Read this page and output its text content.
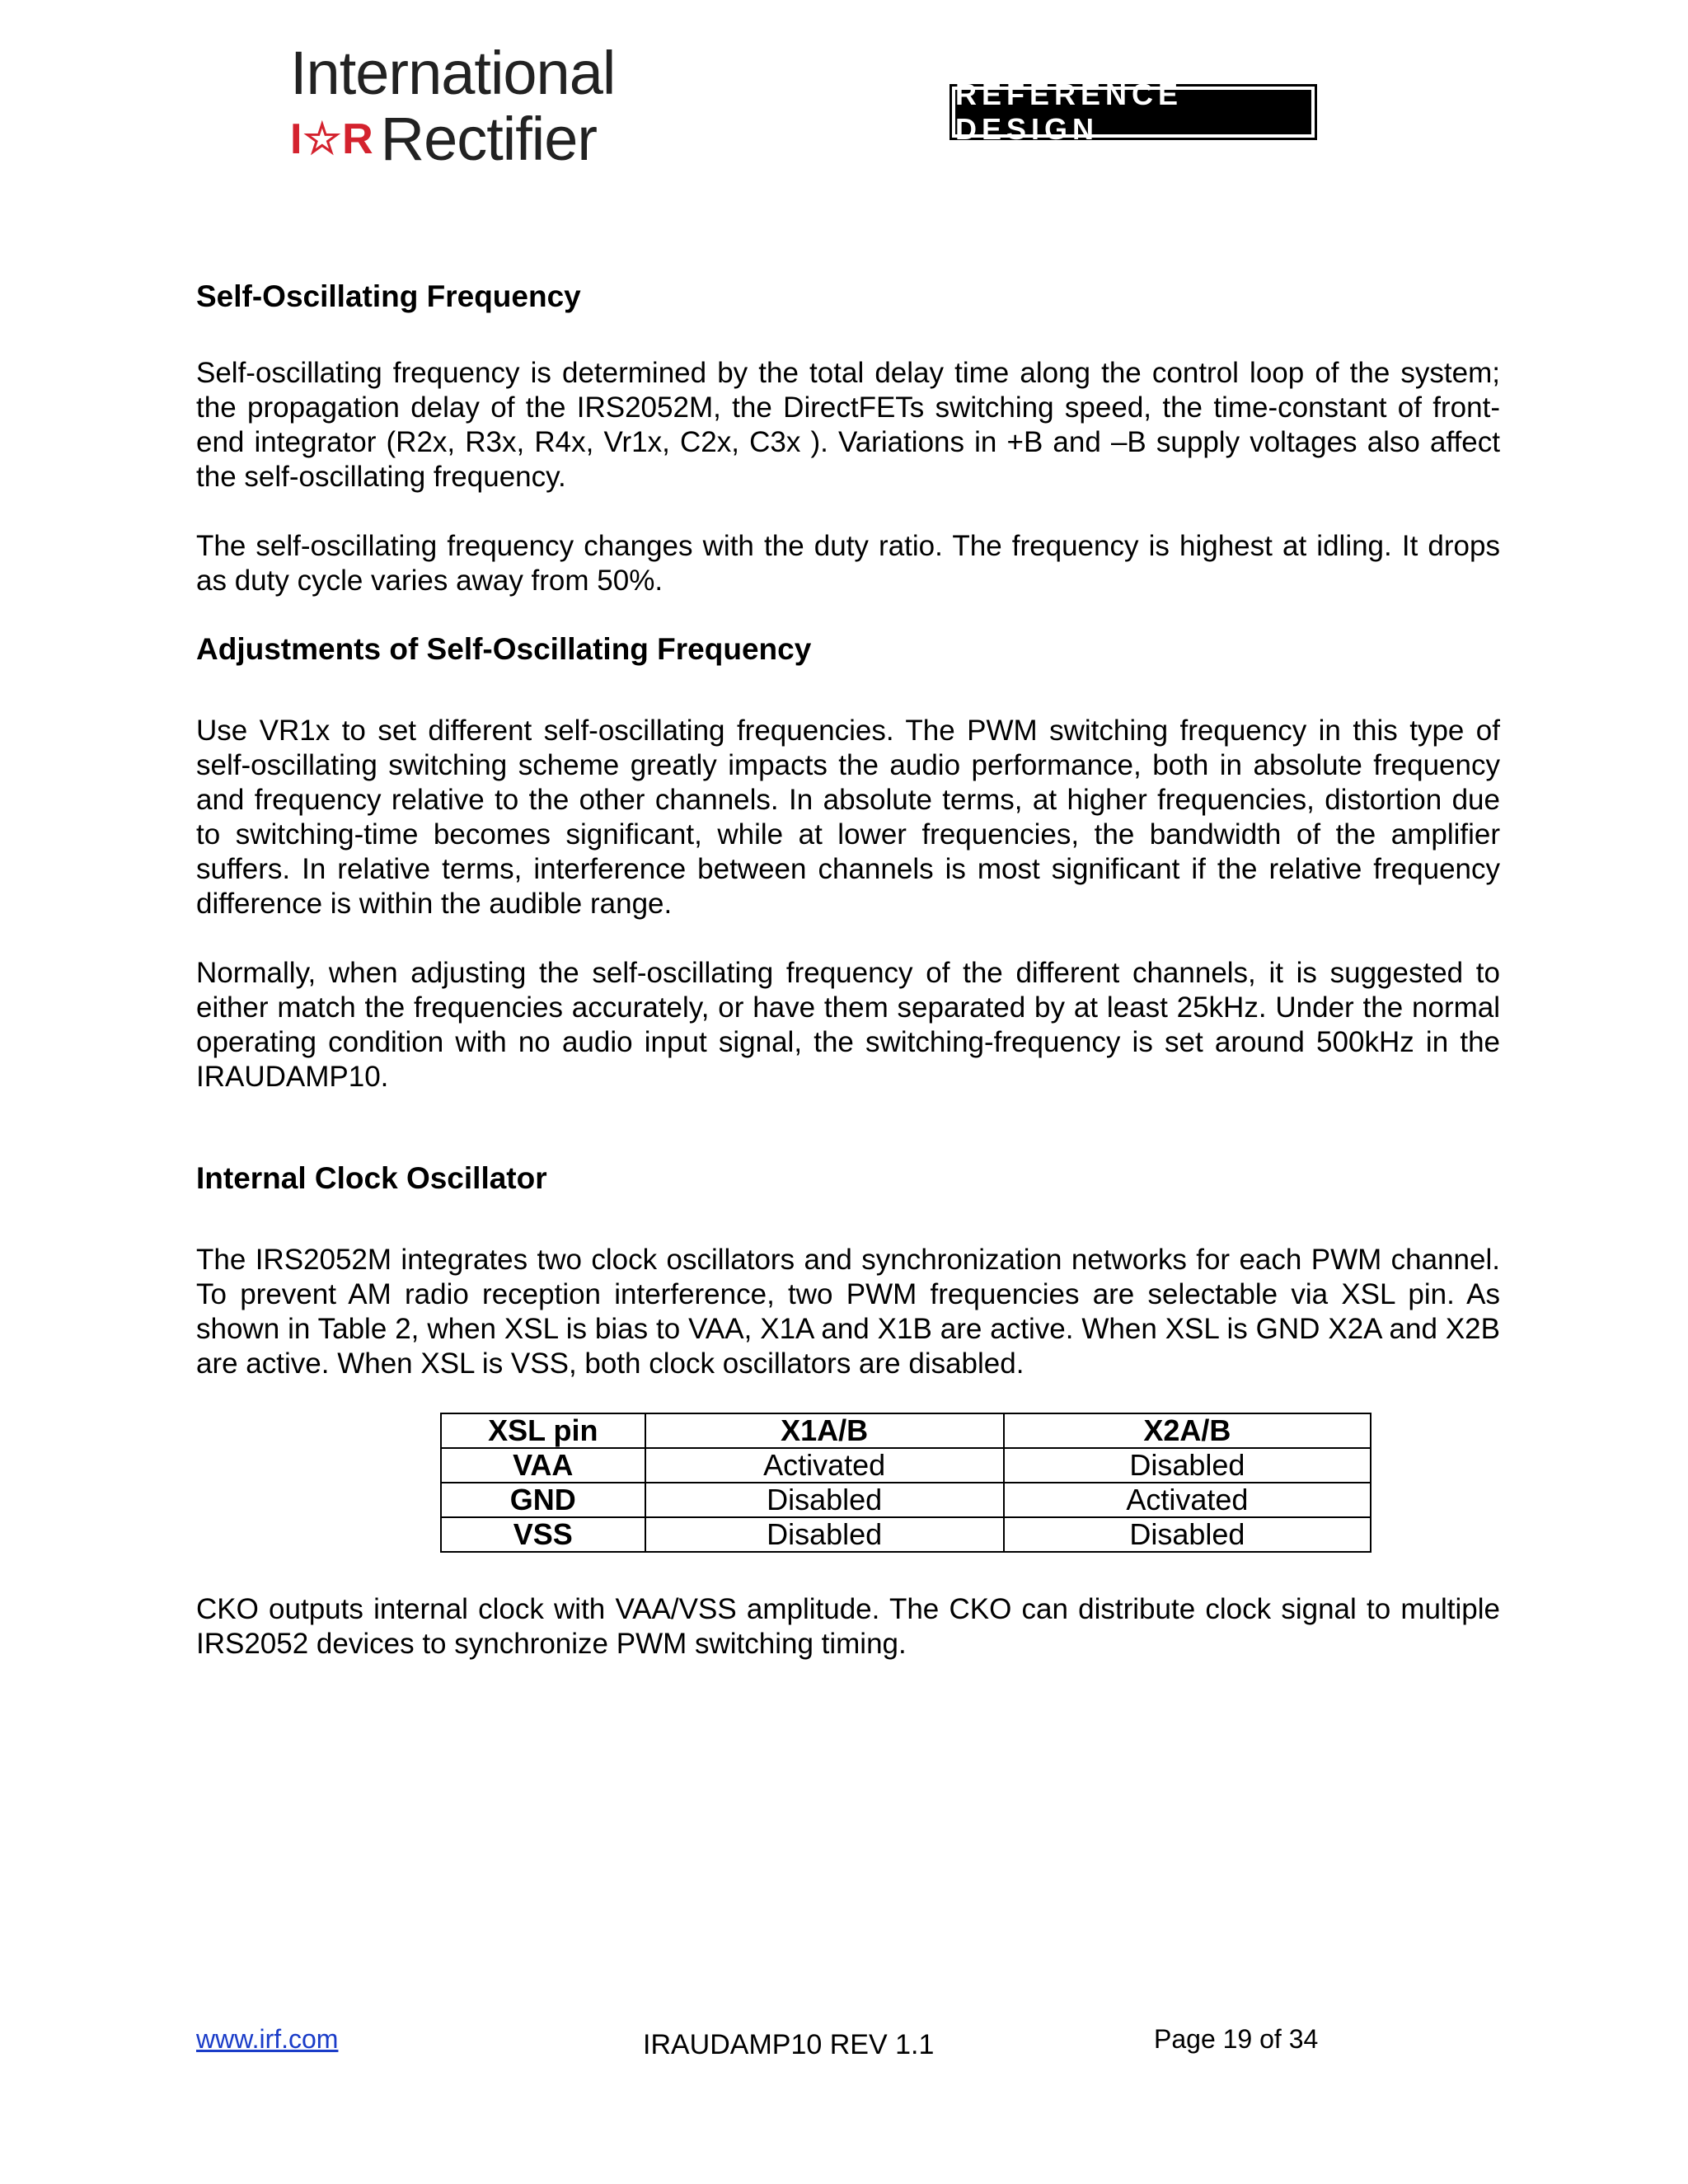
International
I☆R Rectifier
REFERENCE DESIGN
Self-Oscillating Frequency

Self-oscillating frequency is determined by the total delay time along the control loop of the system; the propagation delay of the IRS2052M, the DirectFETs switching speed, the time-constant of front-end integrator (R2x, R3x, R4x, Vr1x, C2x, C3x ). Variations in +B and –B supply voltages also affect the self-oscillating frequency.

The self-oscillating frequency changes with the duty ratio. The frequency is highest at idling. It drops as duty cycle varies away from 50%.

Adjustments of Self-Oscillating Frequency

Use VR1x to set different self-oscillating frequencies. The PWM switching frequency in this type of self-oscillating switching scheme greatly impacts the audio performance, both in absolute frequency and frequency relative to the other channels. In absolute terms, at higher frequencies, distortion due to switching-time becomes significant, while at lower frequencies, the bandwidth of the amplifier suffers. In relative terms, interference between channels is most significant if the relative frequency difference is within the audible range.

Normally, when adjusting the self-oscillating frequency of the different channels, it is suggested to either match the frequencies accurately, or have them separated by at least 25kHz. Under the normal operating condition with no audio input signal, the switching-frequency is set around 500kHz in the IRAUDAMP10.

Internal Clock Oscillator

The IRS2052M integrates two clock oscillators and synchronization networks for each PWM channel. To prevent AM radio reception interference, two PWM frequencies are selectable via XSL pin. As shown in Table 2, when XSL is bias to VAA, X1A and X1B are active. When XSL is GND X2A and X2B are active. When XSL is VSS, both clock oscillators are disabled.

XSL pin	X1A/B	X2A/B
VAA	Activated	Disabled
GND	Disabled	Activated
VSS	Disabled	Disabled

CKO outputs internal clock with VAA/VSS amplitude. The CKO can distribute clock signal to multiple IRS2052 devices to synchronize PWM switching timing.

www.irf.com	IRAUDAMP10 REV 1.1	Page 19 of 34
